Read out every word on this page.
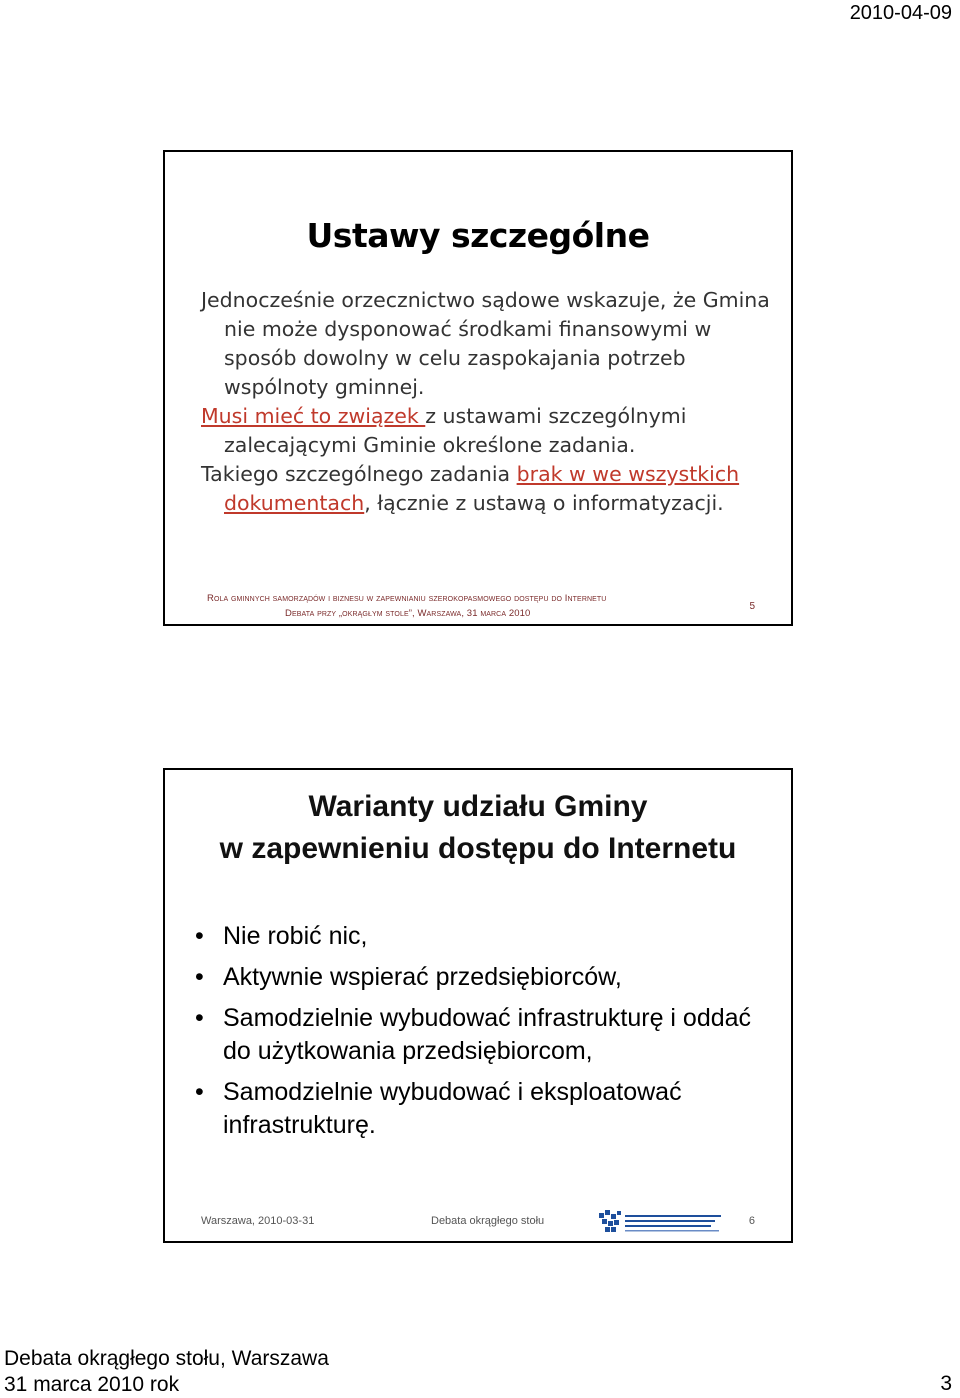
2010-04-09
Ustawy szczególne

Jednocześnie orzecznictwo sądowe wskazuje, że Gmina nie może dysponować środkami finansowymi w sposób dowolny w celu zaspokajania potrzeb wspólnoty gminnej.

Musi mieć to związek z ustawami szczególnymi zalecającymi Gminie określone zadania.

Takiego szczególnego zadania brak w we wszystkich dokumentach, łącznie z ustawą o informatyzacji.

Rola gminnych samorządów i biznesu w zapewnianiu szerokopasmowego dostępu do Internetu
Debata przy „okrągłym stole”, Warszawa, 31 marca 2010
5
Warianty udziału Gminy
w zapewnieniu dostępu do Internetu
• Nie robić nic,
• Aktywnie wspierać przedsiębiorców,
• Samodzielnie wybudować infrastrukturę i oddać do użytkowania przedsiębiorcom,
• Samodzielnie wybudować i eksploatować infrastrukturę.
Warszawa, 2010-03-31	Debata okrągłego stołu	6
Debata okrągłego stołu, Warszawa 31 marca 2010 rok	3
